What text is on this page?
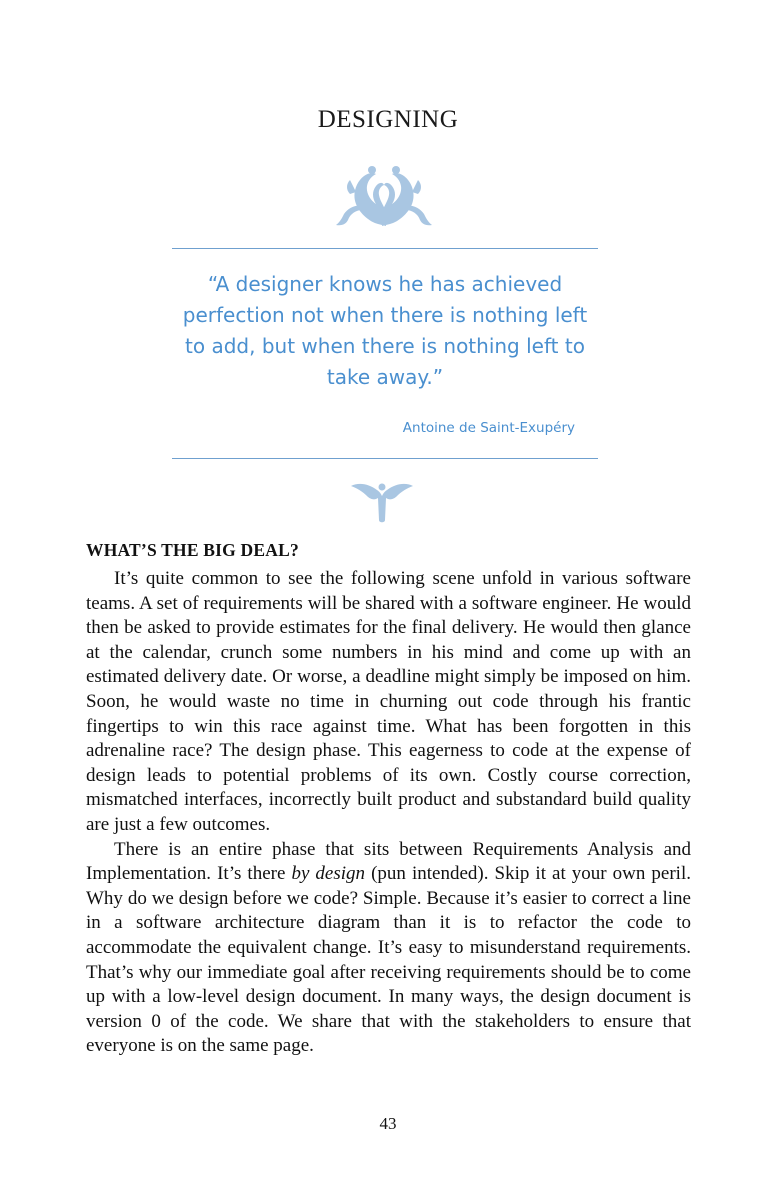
DESIGNING
“A designer knows he has achieved perfection not when there is nothing left to add, but when there is nothing left to take away.”
Antoine de Saint-Exupéry
WHAT’S THE BIG DEAL?

It’s quite common to see the following scene unfold in various software teams. A set of requirements will be shared with a software engineer. He would then be asked to provide estimates for the final delivery. He would then glance at the calendar, crunch some numbers in his mind and come up with an estimated delivery date. Or worse, a deadline might simply be imposed on him. Soon, he would waste no time in churning out code through his frantic fingertips to win this race against time. What has been forgotten in this adrenaline race? The design phase. This eagerness to code at the expense of design leads to potential problems of its own. Costly course correction, mismatched interfaces, incorrectly built product and substandard build quality are just a few outcomes.

There is an entire phase that sits between Requirements Analysis and Implementation. It’s there by design (pun intended). Skip it at your own peril. Why do we design before we code? Simple. Because it’s easier to correct a line in a software architecture diagram than it is to refactor the code to accommodate the equivalent change. It’s easy to misunderstand requirements. That’s why our immediate goal after receiving requirements should be to come up with a low-level design document. In many ways, the design document is version 0 of the code. We share that with the stakeholders to ensure that everyone is on the same page.

43
